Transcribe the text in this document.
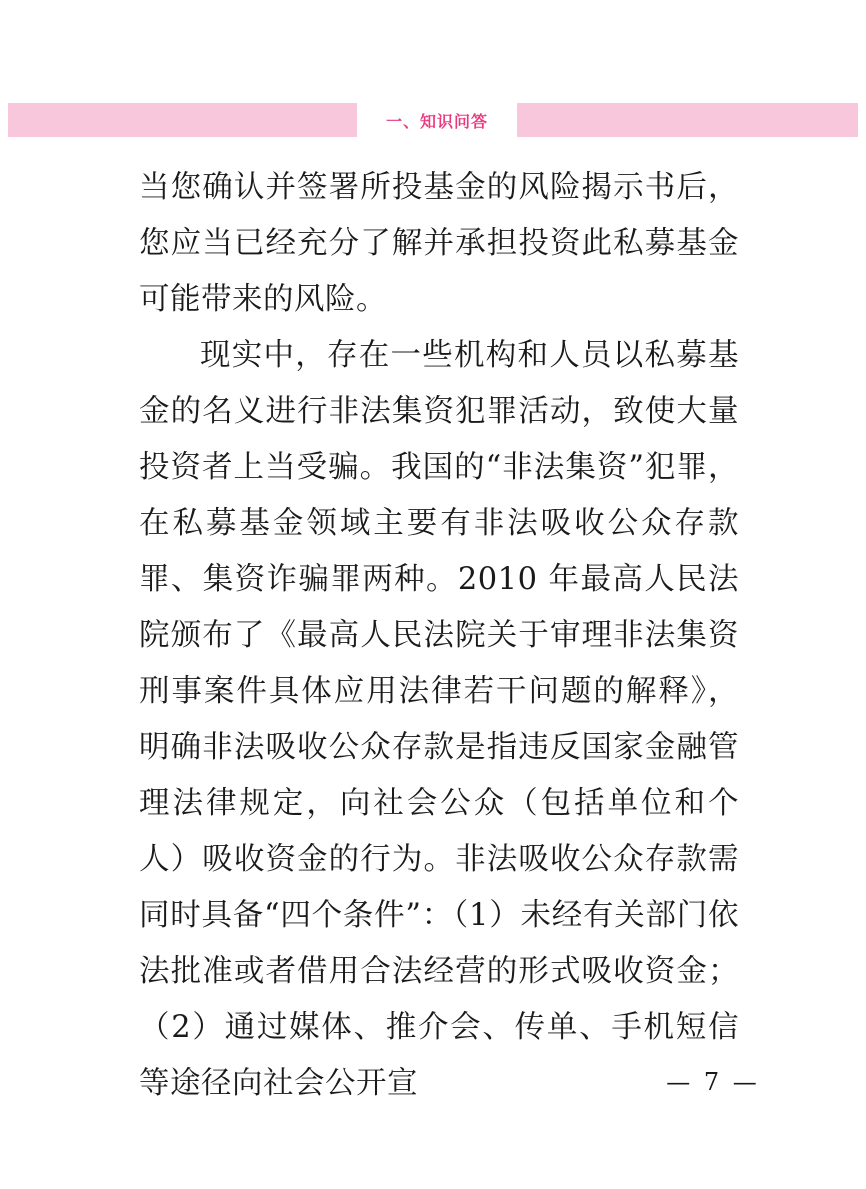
一、知识问答

当您确认并签署所投基金的风险揭示书后，您应当已经充分了解并承担投资此私募基金可能带来的风险。

现实中，存在一些机构和人员以私募基金的名义进行非法集资犯罪活动，致使大量投资者上当受骗。我国的“非法集资”犯罪，在私募基金领域主要有非法吸收公众存款罪、集资诈骗罪两种。2010 年最高人民法院颁布了《最高人民法院关于审理非法集资刑事案件具体应用法律若干问题的解释》，明确非法吸收公众存款是指违反国家金融管理法律规定，向社会公众（包括单位和个人）吸收资金的行为。非法吸收公众存款需同时具备“四个条件”：（1）未经有关部门依法批准或者借用合法经营的形式吸收资金；（2）通过媒体、推介会、传单、手机短信等途径向社会公开宣	— 7 —
